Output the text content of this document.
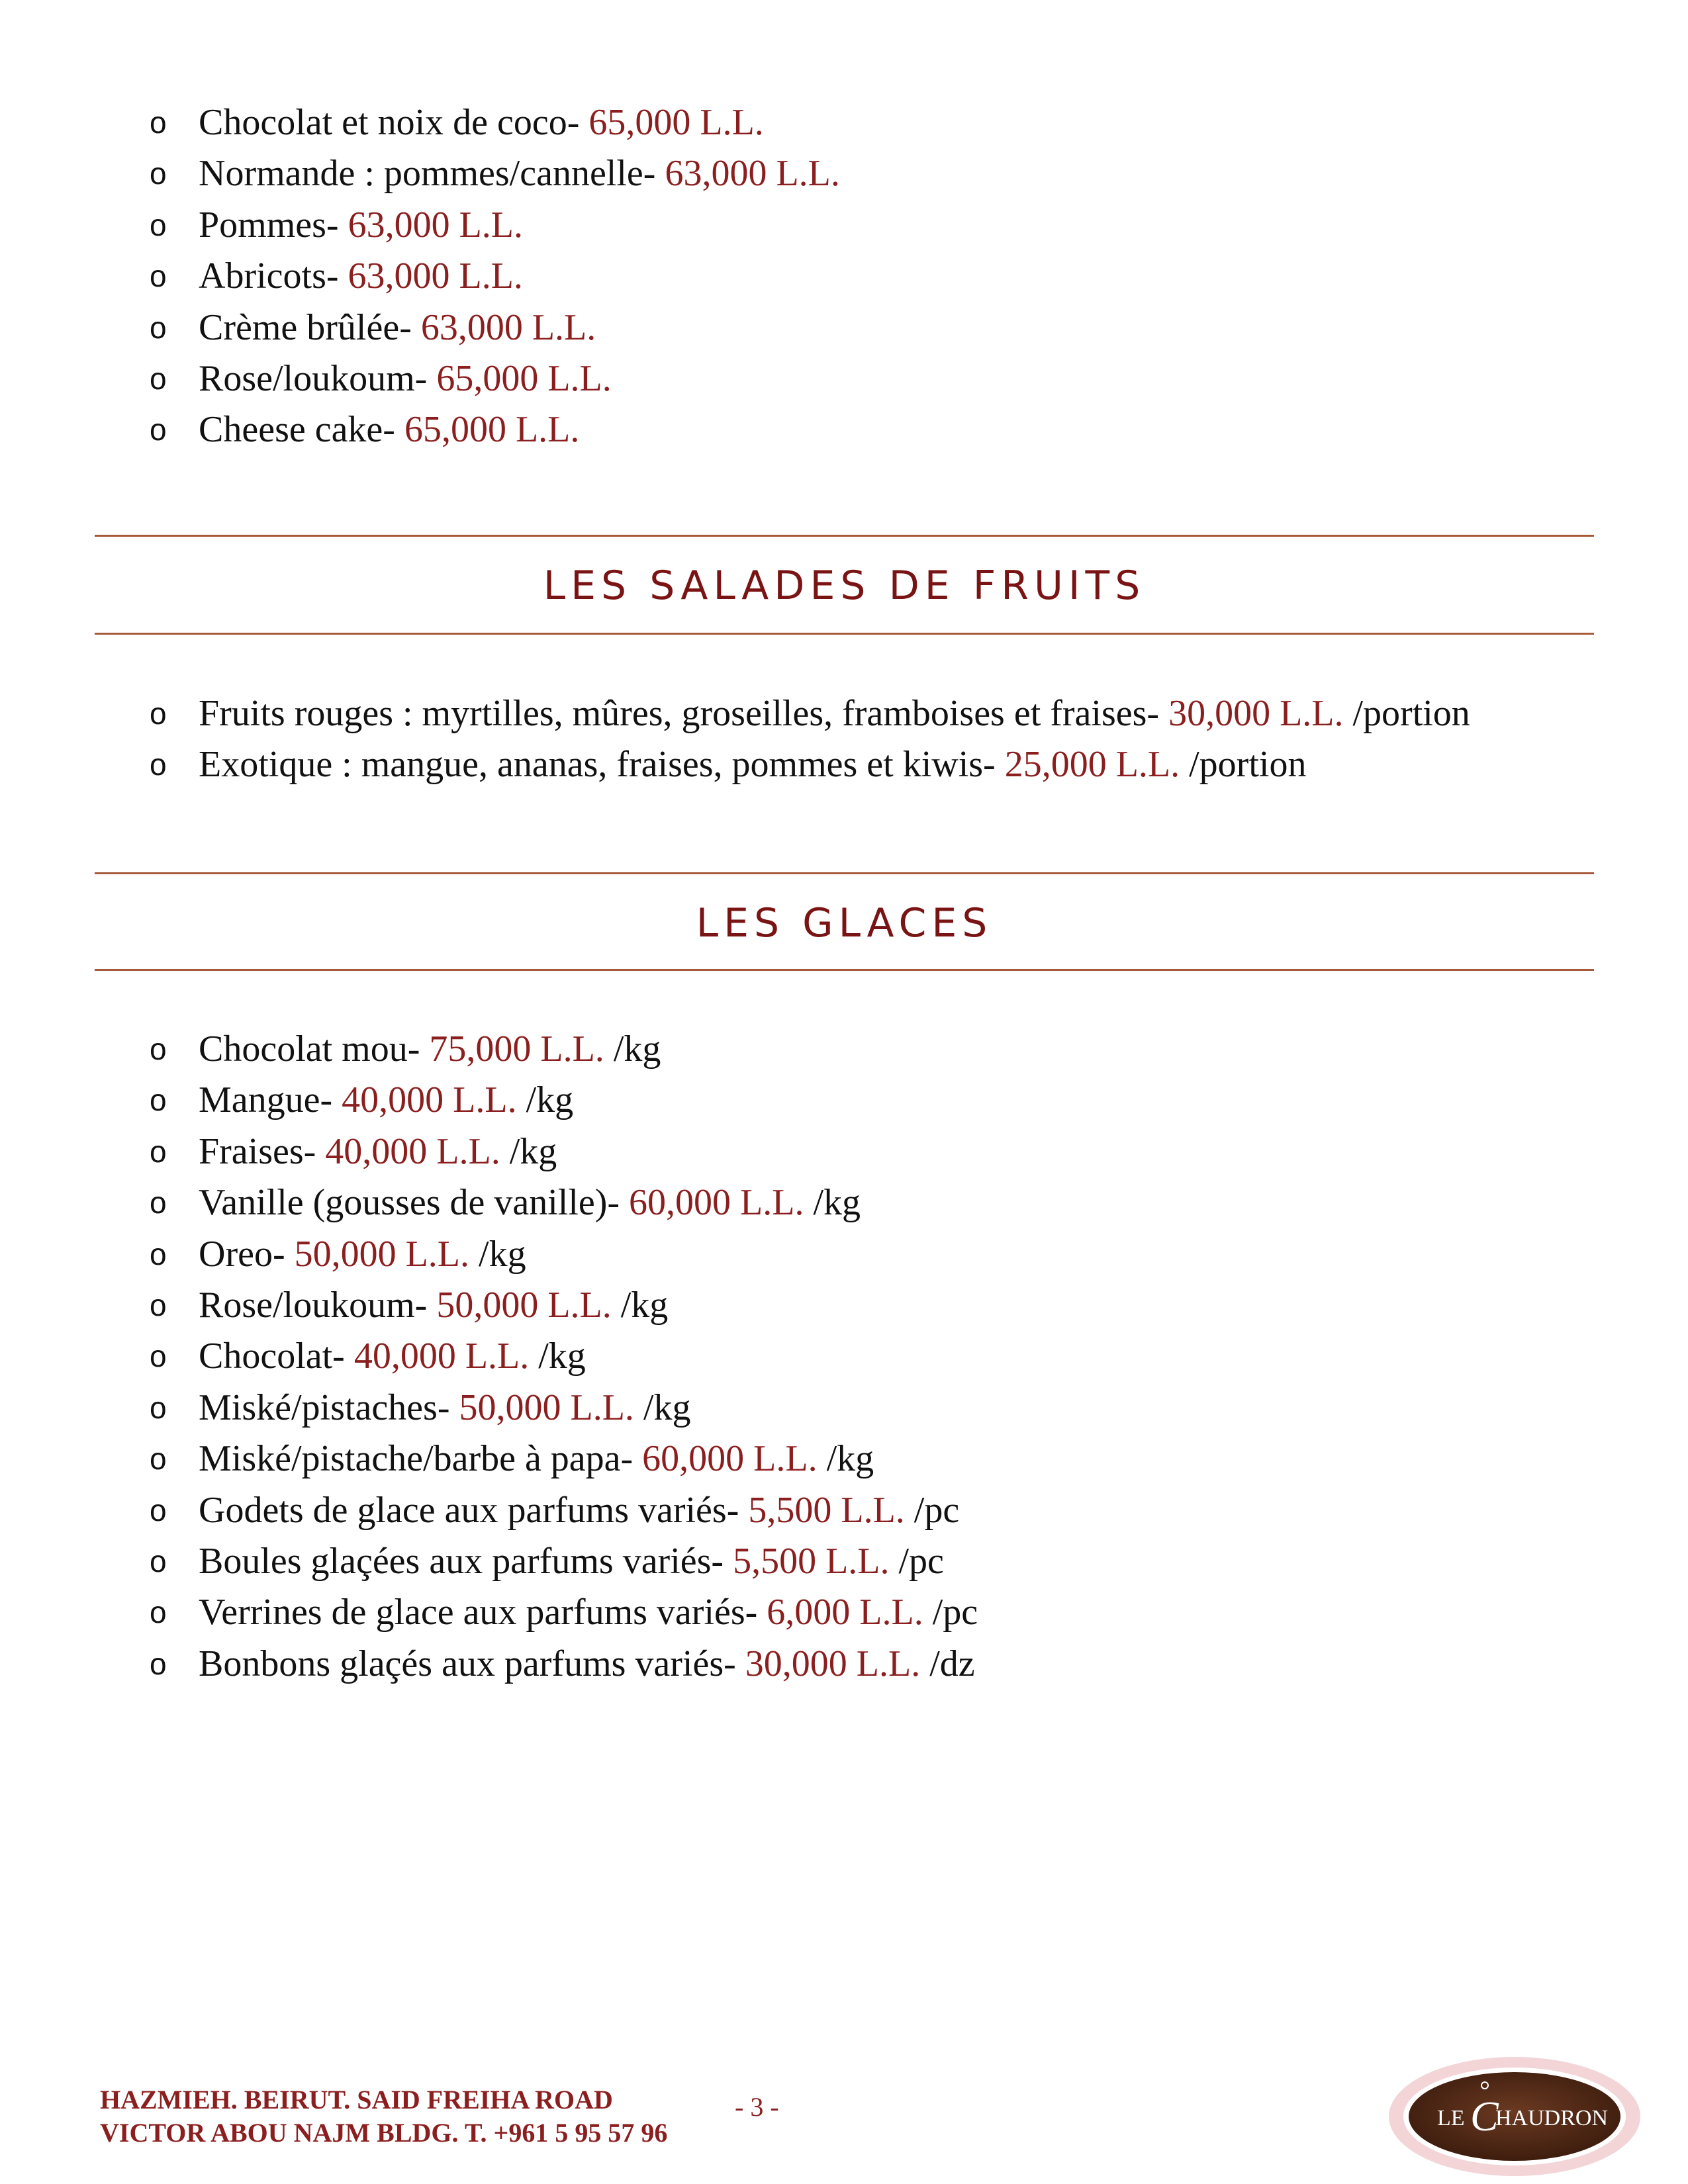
o Chocolat et noix de coco- 65,000 L.L.
o Normande : pommes/cannelle- 63,000 L.L.
o Pommes- 63,000 L.L.
o Abricots- 63,000 L.L.
o Crème brûlée- 63,000 L.L.
o Rose/loukoum- 65,000 L.L.
o Cheese cake- 65,000 L.L.
LES SALADES DE FRUITS
o Fruits rouges : myrtilles, mûres, groseilles, framboises et fraises- 30,000 L.L. /portion
o Exotique : mangue, ananas, fraises, pommes et kiwis- 25,000 L.L. /portion
LES GLACES
o Chocolat mou- 75,000 L.L. /kg
o Mangue- 40,000 L.L. /kg
o Fraises- 40,000 L.L. /kg
o Vanille (gousses de vanille)- 60,000 L.L. /kg
o Oreo- 50,000 L.L. /kg
o Rose/loukoum- 50,000 L.L. /kg
o Chocolat- 40,000 L.L. /kg
o Miské/pistaches- 50,000 L.L. /kg
o Miské/pistache/barbe à papa- 60,000 L.L. /kg
o Godets de glace aux parfums variés- 5,500 L.L. /pc
o Boules glaçées aux parfums variés- 5,500 L.L. /pc
o Verrines de glace aux parfums variés- 6,000 L.L. /pc
o Bonbons glaçés aux parfums variés- 30,000 L.L. /dz
HAZMIEH. BEIRUT. SAID FREIHA ROAD
VICTOR ABOU NAJM BLDG. T. +961 5 95 57 96
- 3 -	LE C
HAUDRON
